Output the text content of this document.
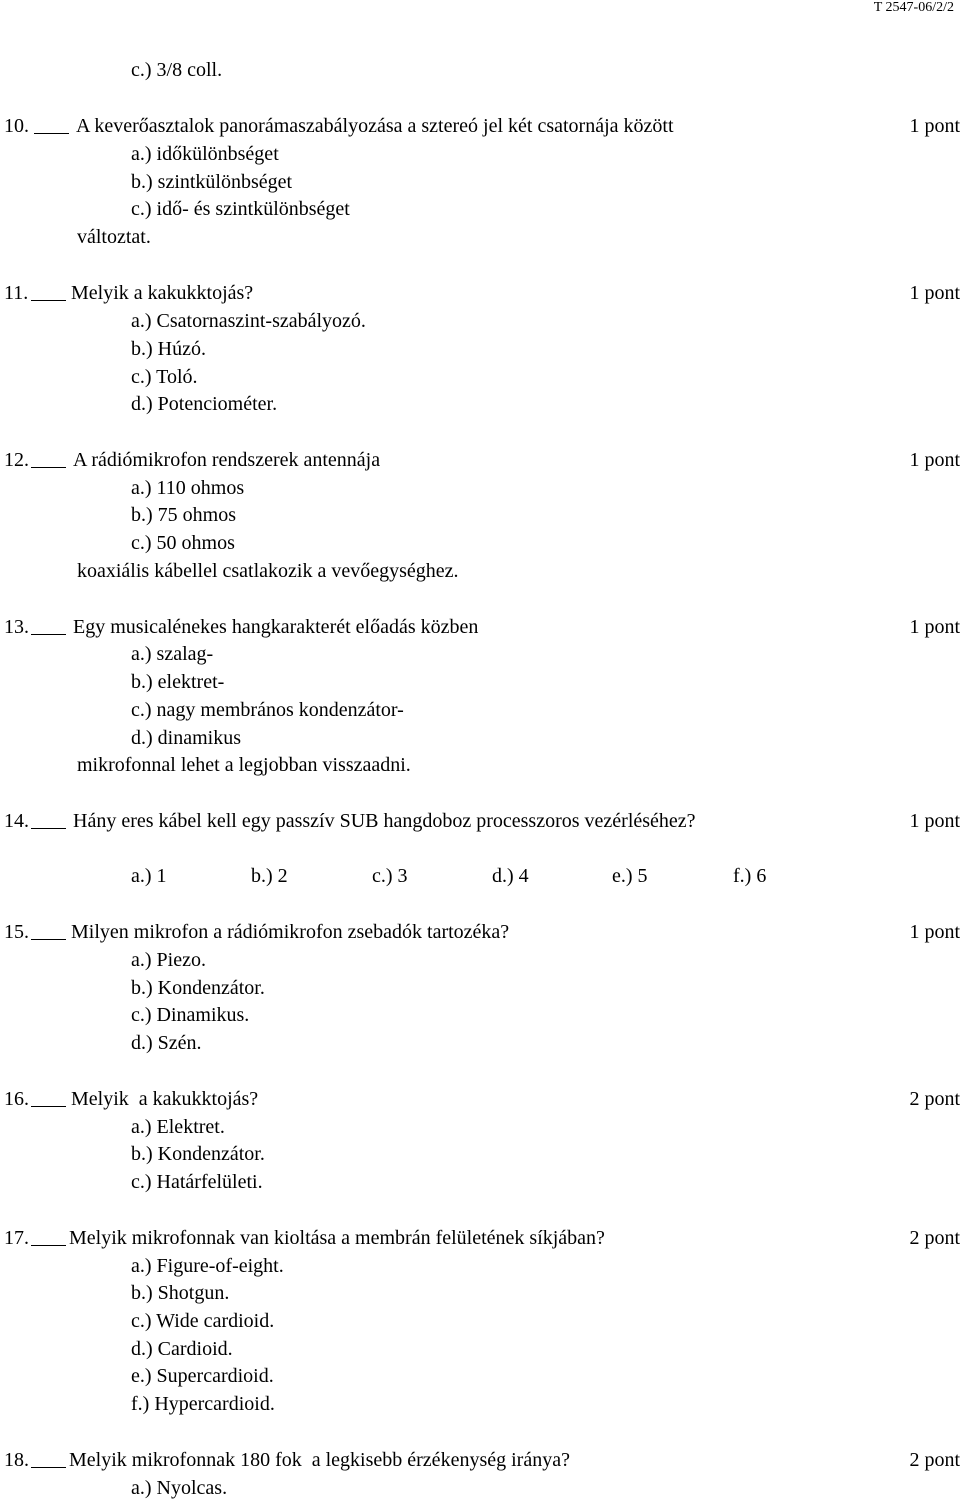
T 2547-06/2/2
c.) 3/8 coll.
10. A keverőasztalok panorámaszabályozása a sztereó jel két csatornája között	1 pont
a.) időkülönbséget
b.) szintkülönbséget
c.) idő- és szintkülönbséget
változtat.
11. Melyik a kakukktojás?	1 pont
a.) Csatornaszint-szabályozó.
b.) Húzó.
c.) Toló.
d.) Potenciométer.
12. A rádiómikrofon rendszerek antennája	1 pont
a.) 110 ohmos
b.) 75 ohmos
c.) 50 ohmos
koaxiális kábellel csatlakozik a vevőegységhez.
13. Egy musicalénekes hangkarakterét előadás közben	1 pont
a.) szalag-
b.) elektret-
c.) nagy membrános kondenzátor-
d.) dinamikus
mikrofonnal lehet a legjobban visszaadni.
14. Hány eres kábel kell egy passzív SUB hangdoboz processzoros vezérléséhez?	1 pont
a.) 1	b.) 2	c.) 3	d.) 4	e.) 5	f.) 6
15. Milyen mikrofon a rádiómikrofon zsebadók tartozéka?	1 pont
a.) Piezo.
b.) Kondenzátor.
c.) Dinamikus.
d.) Szén.
16. Melyik  a kakukktojás?	2 pont
a.) Elektret.
b.) Kondenzátor.
c.) Határfelületi.
17. Melyik mikrofonnak van kioltása a membrán felületének síkjában?	2 pont
a.) Figure-of-eight.
b.) Shotgun.
c.) Wide cardioid.
d.) Cardioid.
e.) Supercardioid.
f.) Hypercardioid.
18. Melyik mikrofonnak 180 fok  a legkisebb érzékenység iránya?	2 pont
a.) Nyolcas.
